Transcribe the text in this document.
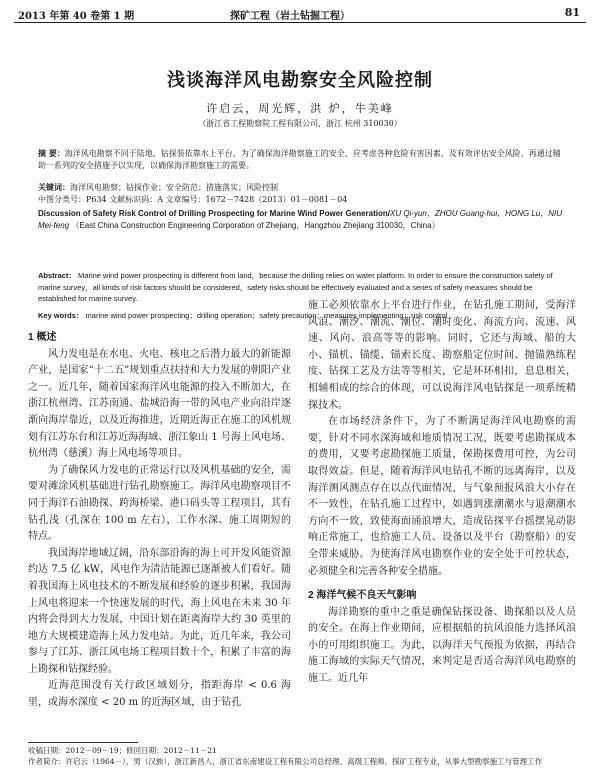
2013 年第 40 卷第 1 期	探矿工程（岩土钻掘工程）	81
浅谈海洋风电勘察安全风险控制
许启云，周光辉，洪 炉，牛美峰
（浙江省工程勘察院工程有限公司，浙江 杭州 310030）
摘 要：海洋风电勘察不同于陆地，钻探装依靠水上平台，为了确保海洋勘察施工的安全，应考虑各种危险有害因素，及有效评估安全风险，再通过辅助一系列的安全措施予以实现，以确保海洋勘察施工的需要。
关键词：海洋风电勘察；钻探作业；安全防范；措施落实；风险控制
中图分类号：P634 文献标识码：A 文章编号：1672－7428（2013）01－0081－04
Discussion of Safety Risk Control of Drilling Prospecting for Marine Wind Power Generation/XU Qi-yun，ZHOU Guang-hui，HONG Lu，NIU Mei-feng （East China Construction Engineering Corporation of Zhejiang，Hangzhou Zhejiang 310030，China）
Abstract： Marine wind power prospecting is different from land，because the drilling relies on water platform. In order to ensure the construction safety of marine survey，all kinds of risk factors should be considered，safety risks should be effectively evaluated and a series of safety measures should be established for marine survey.
Key words： marine wind power prospecting；drilling operation；safety precaution；measures implementing；risk control

1 概述

风力发电是在水电、火电、核电之后潜力最大的新能源产业，是国家“十二五”规划重点扶持和大力发展的朝阳产业之一。近几年，随着国家海洋风电能源的投入不断加大，在浙江杭州湾、江苏南通、盐城沿海一带的风电产业向沿岸逐渐向海岸靠近，以及近海推进，近期近海正在施工的风机规划有江苏东台和江苏近海海域、浙江象山 1 号海上风电场、杭州湾（慈溪）海上风电场等项目。

为了确保风力发电的正常运行以及风机基础的安全，需要对滩涂风机基础进行钻孔勘察施工。海洋风电勘察项目不同于海洋石油勘探、跨海桥梁、港口码头等工程项目，其有钻孔浅（孔深在 100 m 左右），工作水深、施工周期短的特点。

我国海岸地域辽阔，沿东部沿海的海上可开发风能资源约达 7.5 亿 kW，风电作为清洁能源已逐渐被人们看好。随着我国海上风电技术的不断发展和经验的逐步积累，我国海上风电将迎来一个快速发展的时代，海上风电在未来 30 年内将会得到大力发展，中国计划在距离海岸大约 30 英里的地方大规模建造海上风力发电站。为此，近几年来，我公司参与了江苏、浙江风电场工程项目数十个，积累了丰富的海上勘探和钻探经验。

近海范围没有关行政区域划分，指距海岸 < 0.6 海里，或海水深度 < 20 m 的近海区域，由于钻孔

施工必须依靠水上平台进行作业，在钻孔施工期间，受海洋风浪、潮汐、潮流、潮位、潮时变化、海流方向、流速、风速、风向、浪高等等的影响。同时，它还与海域、船的大小、锚机、锚缆、锚索长度、勘察船定位时间、抛锚熟练程度、钻探工艺及方法等等相关，它是环环相扣，息息相关，相辅相成的综合的体现，可以说海洋风电钻探是一项系统精探技术。

在市场经济条件下，为了不断满足海洋风电勘察的需要，针对不同水深海域和地质情况工况，既要考虑勘探成本的费用，又要考虑勘探施工质量，保勘探费用可控，为公司取得效益。但是，随着海洋风电钻孔不断的远离海岸，以及海洋测风测点存在以点代面情况，与气象预报风浪大小存在不一致性，在钻孔施工过程中，如遇到涨潮潮水与退潮潮水方向不一致，致使海面涌浪增大，造成钻探平台摇摆晃动影响正常施工，也给施工人员、设备以及平台（勘察船）的安全带来威胁。为使海洋风电勘察作业的安全处于可控状态，必须健全和完善各种安全措施。

2 海洋气候不良天气影响

海洋勘察的重中之重是确保钻探设备、勘探船以及人员的安全。在海上作业期间，应根据船的抗风浪能力选择风浪小的可用组织施工。为此，以海洋天气预报为依据，再结合施工海域的实际天气情况，来判定是否适合海洋风电勘察的施工。近几年

收稿日期：2012－09－19；修回日期：2012－11－21
作者简介：许启云（1964－），男（汉族），浙江新昌人，浙江省东南建设工程有限公司总经理、高级工程师，探矿工程专业，从事大型勘察施工与管理工作
